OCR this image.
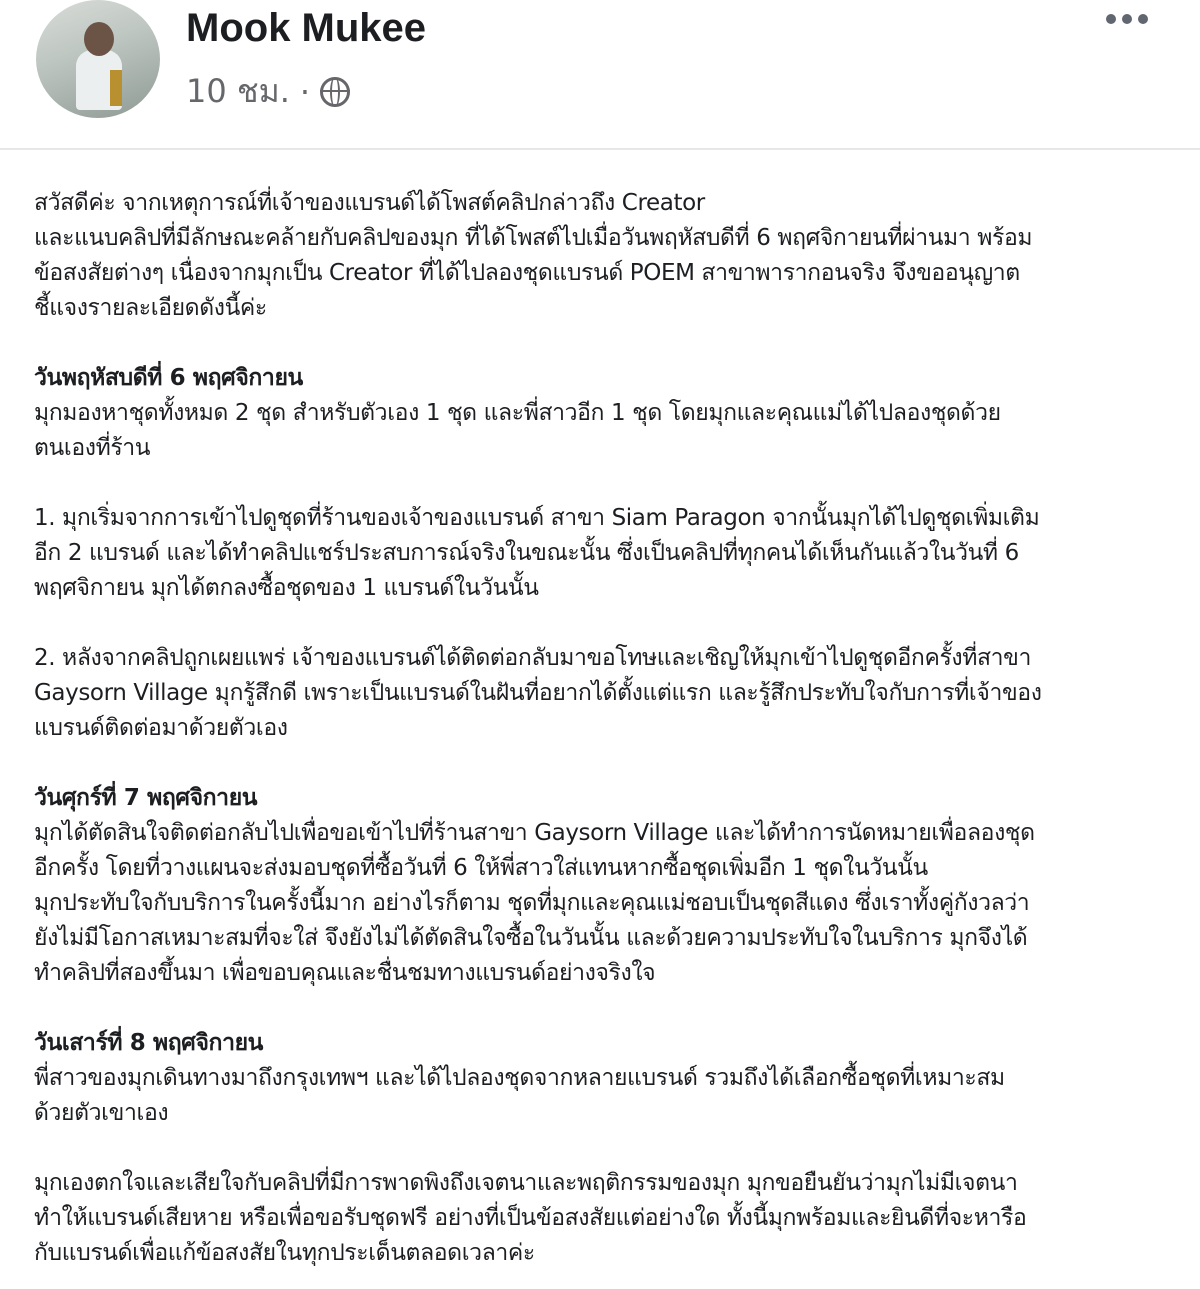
Mook Mukee
10 ชม. ·
สวัสดีค่ะ จากเหตุการณ์ที่เจ้าของแบรนด์ได้โพสต์คลิปกล่าวถึง Creator
และแนบคลิปที่มีลักษณะคล้ายกับคลิปของมุก ที่ได้โพสต์ไปเมื่อวันพฤหัสบดีที่ 6 พฤศจิกายนที่ผ่านมา พร้อม
ข้อสงสัยต่างๆ เนื่องจากมุกเป็น Creator ที่ได้ไปลองชุดแบรนด์ POEM สาขาพารากอนจริง จึงขออนุญาต
ชี้แจงรายละเอียดดังนี้ค่ะ
วันพฤหัสบดีที่ 6 พฤศจิกายน
มุกมองหาชุดทั้งหมด 2 ชุด สำหรับตัวเอง 1 ชุด และพี่สาวอีก 1 ชุด โดยมุกและคุณแม่ได้ไปลองชุดด้วย
ตนเองที่ร้าน
1. มุกเริ่มจากการเข้าไปดูชุดที่ร้านของเจ้าของแบรนด์ สาขา Siam Paragon จากนั้นมุกได้ไปดูชุดเพิ่มเติม
อีก 2 แบรนด์ และได้ทำคลิปแชร์ประสบการณ์จริงในขณะนั้น ซึ่งเป็นคลิปที่ทุกคนได้เห็นกันแล้วในวันที่ 6
พฤศจิกายน มุกได้ตกลงซื้อชุดของ 1 แบรนด์ในวันนั้น
2. หลังจากคลิปถูกเผยแพร่ เจ้าของแบรนด์ได้ติดต่อกลับมาขอโทษและเชิญให้มุกเข้าไปดูชุดอีกครั้งที่สาขา
Gaysorn Village มุกรู้สึกดี เพราะเป็นแบรนด์ในฝันที่อยากได้ตั้งแต่แรก และรู้สึกประทับใจกับการที่เจ้าของ
แบรนด์ติดต่อมาด้วยตัวเอง
วันศุกร์ที่ 7 พฤศจิกายน
มุกได้ตัดสินใจติดต่อกลับไปเพื่อขอเข้าไปที่ร้านสาขา Gaysorn Village และได้ทำการนัดหมายเพื่อลองชุด
อีกครั้ง โดยที่วางแผนจะส่งมอบชุดที่ซื้อวันที่ 6 ให้พี่สาวใส่แทนหากซื้อชุดเพิ่มอีก 1 ชุดในวันนั้น
มุกประทับใจกับบริการในครั้งนี้มาก อย่างไรก็ตาม ชุดที่มุกและคุณแม่ชอบเป็นชุดสีแดง ซึ่งเราทั้งคู่กังวลว่า
ยังไม่มีโอกาสเหมาะสมที่จะใส่ จึงยังไม่ได้ตัดสินใจซื้อในวันนั้น และด้วยความประทับใจในบริการ มุกจึงได้
ทำคลิปที่สองขึ้นมา เพื่อขอบคุณและชื่นชมทางแบรนด์อย่างจริงใจ
วันเสาร์ที่ 8 พฤศจิกายน
พี่สาวของมุกเดินทางมาถึงกรุงเทพฯ และได้ไปลองชุดจากหลายแบรนด์ รวมถึงได้เลือกซื้อชุดที่เหมาะสม
ด้วยตัวเขาเอง
มุกเองตกใจและเสียใจกับคลิปที่มีการพาดพิงถึงเจตนาและพฤติกรรมของมุก มุกขอยืนยันว่ามุกไม่มีเจตนา
ทำให้แบรนด์เสียหาย หรือเพื่อขอรับชุดฟรี อย่างที่เป็นข้อสงสัยแต่อย่างใด ทั้งนี้มุกพร้อมและยินดีที่จะหารือ
กับแบรนด์เพื่อแก้ข้อสงสัยในทุกประเด็นตลอดเวลาค่ะ
